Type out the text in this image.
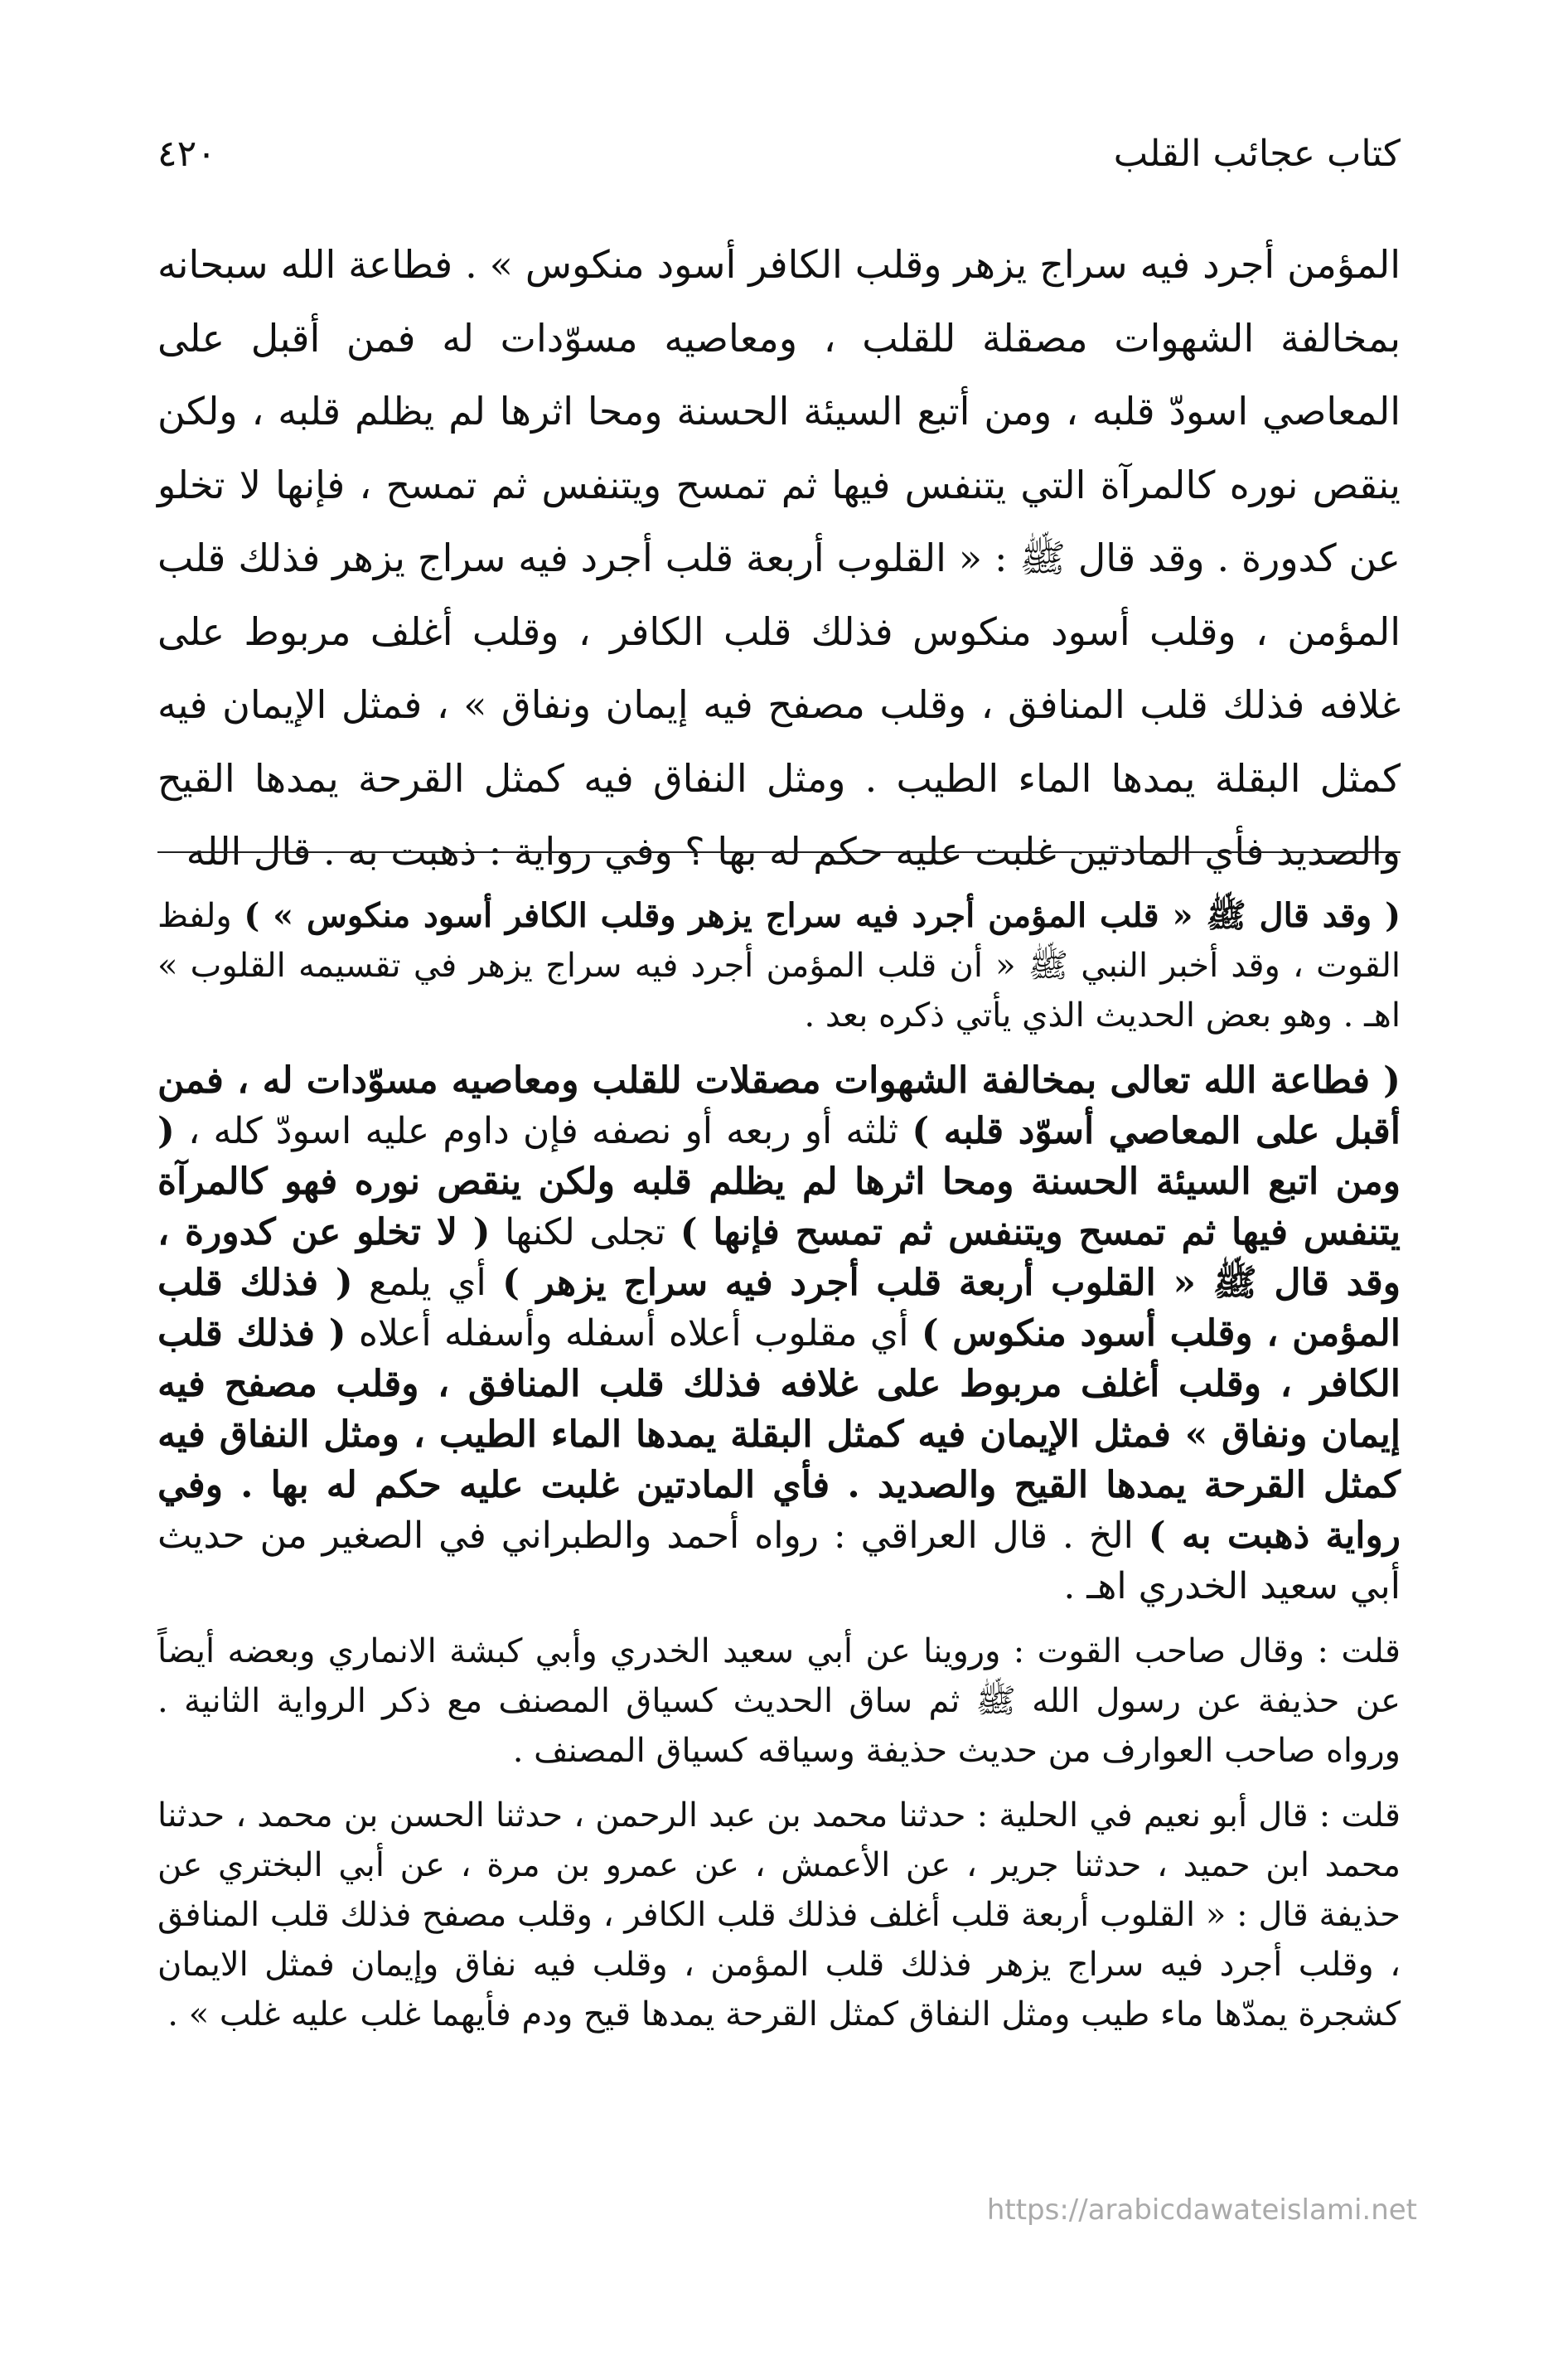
٤٢٠	كتاب عجائب القلب

المؤمن أجرد فيه سراج يزهر وقلب الكافر أسود منكوس » . فطاعة الله سبحانه بمخالفة الشهوات مصقلة للقلب ، ومعاصيه مسوّدات له فمن أقبل على المعاصي اسودّ قلبه ، ومن أتبع السيئة الحسنة ومحا اثرها لم يظلم قلبه ، ولكن ينقص نوره كالمرآة التي يتنفس فيها ثم تمسح ويتنفس ثم تمسح ، فإنها لا تخلو عن كدورة . وقد قال ﷺ : « القلوب أربعة قلب أجرد فيه سراج يزهر فذلك قلب المؤمن ، وقلب أسود منكوس فذلك قلب الكافر ، وقلب أغلف مربوط على غلافه فذلك قلب المنافق ، وقلب مصفح فيه إيمان ونفاق » ، فمثل الإيمان فيه كمثل البقلة يمدها الماء الطيب . ومثل النفاق فيه كمثل القرحة يمدها القيح والصديد فأي المادتين غلبت عليه حكم له بها ؟ وفي رواية : ذهبت به . قال الله

( وقد قال ﷺ « قلب المؤمن أجرد فيه سراج يزهر وقلب الكافر أسود منكوس » ) ولفظ القوت ، وقد أخبر النبي ﷺ « أن قلب المؤمن أجرد فيه سراج يزهر في تقسيمه القلوب » اهـ . وهو بعض الحديث الذي يأتي ذكره بعد .

( فطاعة الله تعالى بمخالفة الشهوات مصقلات للقلب ومعاصيه مسوّدات له ، فمن أقبل على المعاصي أسوّد قلبه ) ثلثه أو ربعه أو نصفه فإن داوم عليه اسودّ كله ، ( ومن اتبع السيئة الحسنة ومحا اثرها لم يظلم قلبه ولكن ينقص نوره فهو كالمرآة يتنفس فيها ثم تمسح ويتنفس ثم تمسح فإنها ) تجلى لكنها ( لا تخلو عن كدورة ، وقد قال ﷺ « القلوب أربعة قلب أجرد فيه سراج يزهر ) أي يلمع ( فذلك قلب المؤمن ، وقلب أسود منكوس ) أي مقلوب أعلاه أسفله وأسفله أعلاه ( فذلك قلب الكافر ، وقلب أغلف مربوط على غلافه فذلك قلب المنافق ، وقلب مصفح فيه إيمان ونفاق » فمثل الإيمان فيه كمثل البقلة يمدها الماء الطيب ، ومثل النفاق فيه كمثل القرحة يمدها القيح والصديد . فأي المادتين غلبت عليه حكم له بها . وفي رواية ذهبت به ) الخ . قال العراقي : رواه أحمد والطبراني في الصغير من حديث أبي سعيد الخدري اهـ .

قلت : وقال صاحب القوت : وروينا عن أبي سعيد الخدري وأبي كبشة الانماري وبعضه أيضاً عن حذيفة عن رسول الله ﷺ ثم ساق الحديث كسياق المصنف مع ذكر الرواية الثانية . ورواه صاحب العوارف من حديث حذيفة وسياقه كسياق المصنف .

قلت : قال أبو نعيم في الحلية : حدثنا محمد بن عبد الرحمن ، حدثنا الحسن بن محمد ، حدثنا محمد ابن حميد ، حدثنا جرير ، عن الأعمش ، عن عمرو بن مرة ، عن أبي البختري عن حذيفة قال : « القلوب أربعة قلب أغلف فذلك قلب الكافر ، وقلب مصفح فذلك قلب المنافق ، وقلب أجرد فيه سراج يزهر فذلك قلب المؤمن ، وقلب فيه نفاق وإيمان فمثل الايمان كشجرة يمدّها ماء طيب ومثل النفاق كمثل القرحة يمدها قيح ودم فأيهما غلب عليه غلب » .

https://arabicdawateislami.net
